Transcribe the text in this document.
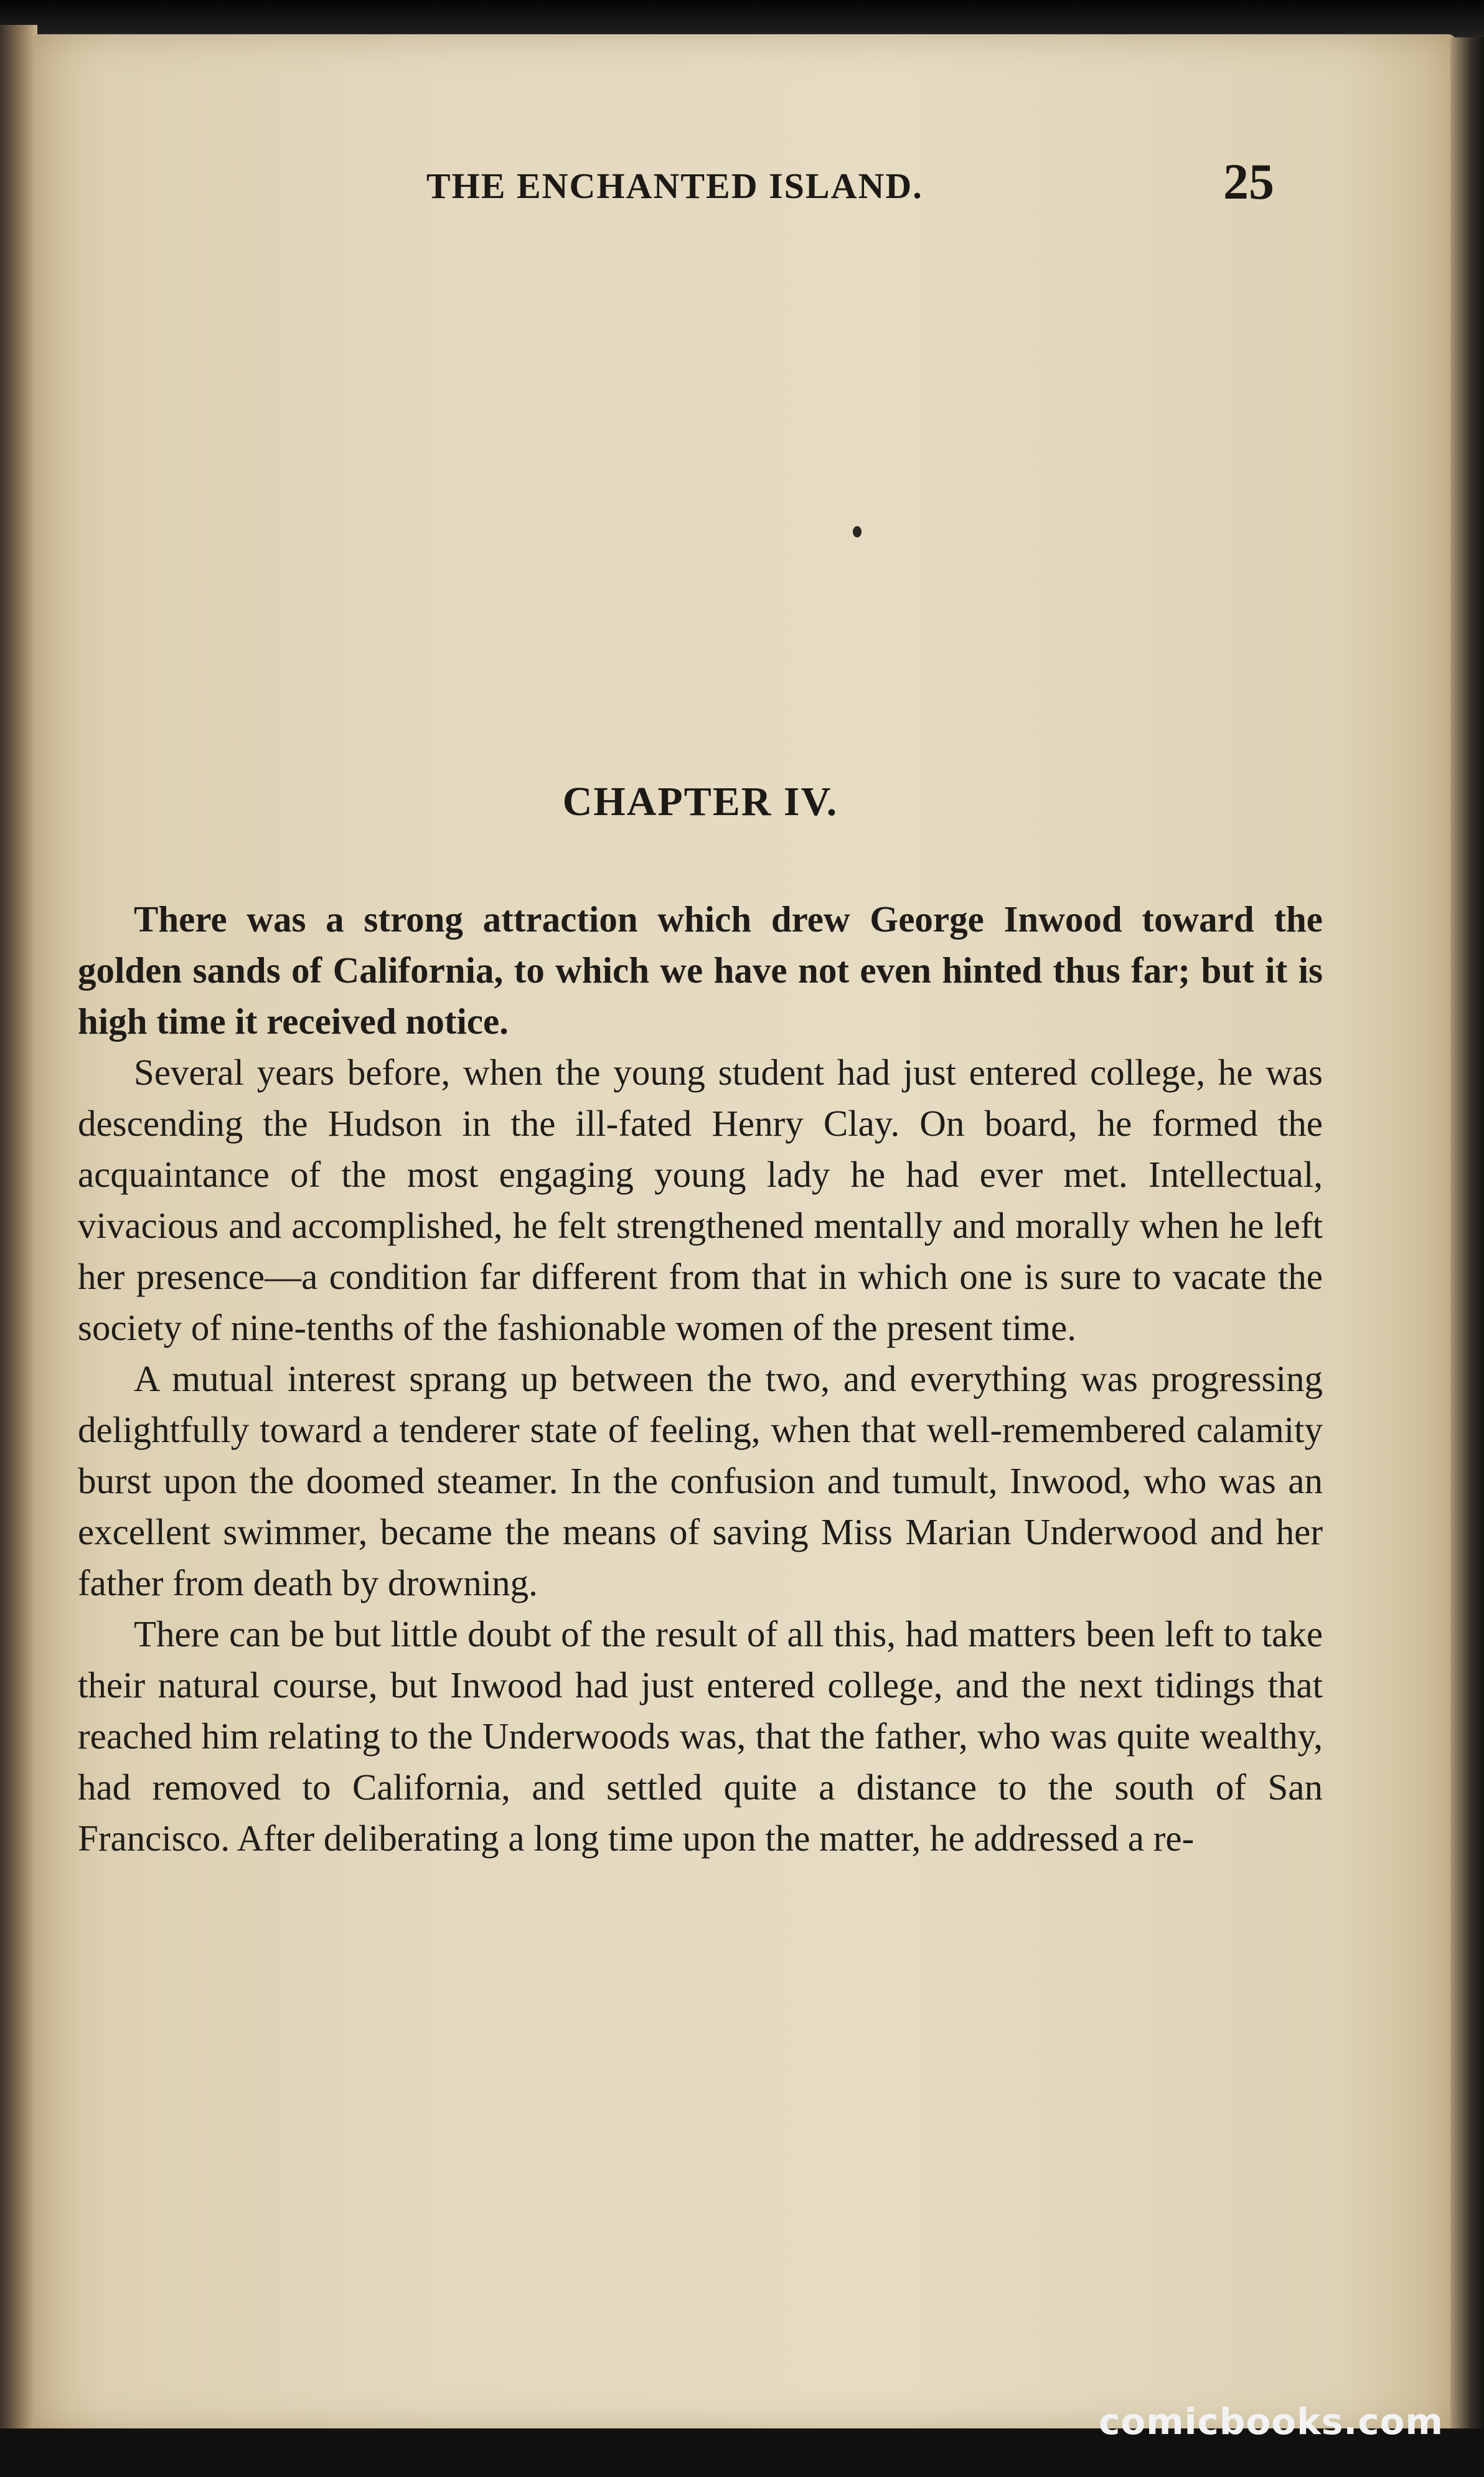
THE ENCHANTED ISLAND.	25
CHAPTER IV.

There was a strong attraction which drew George Inwood toward the golden sands of California, to which we have not even hinted thus far; but it is high time it received notice.

Several years before, when the young student had just entered college, he was descending the Hudson in the ill-fated Henry Clay. On board, he formed the acquaintance of the most engaging young lady he had ever met. Intellectual, vivacious and accomplished, he felt strengthened mentally and morally when he left her presence—a condition far different from that in which one is sure to vacate the society of nine-tenths of the fashionable women of the present time.

A mutual interest sprang up between the two, and everything was progressing delightfully toward a tenderer state of feeling, when that well-remembered calamity burst upon the doomed steamer. In the confusion and tumult, Inwood, who was an excellent swimmer, became the means of saving Miss Marian Underwood and her father from death by drowning.

There can be but little doubt of the result of all this, had matters been left to take their natural course, but Inwood had just entered college, and the next tidings that reached him relating to the Underwoods was, that the father, who was quite wealthy, had removed to California, and settled quite a distance to the south of San Francisco. After deliberating a long time upon the matter, he addressed a re-

comicbooks.com
